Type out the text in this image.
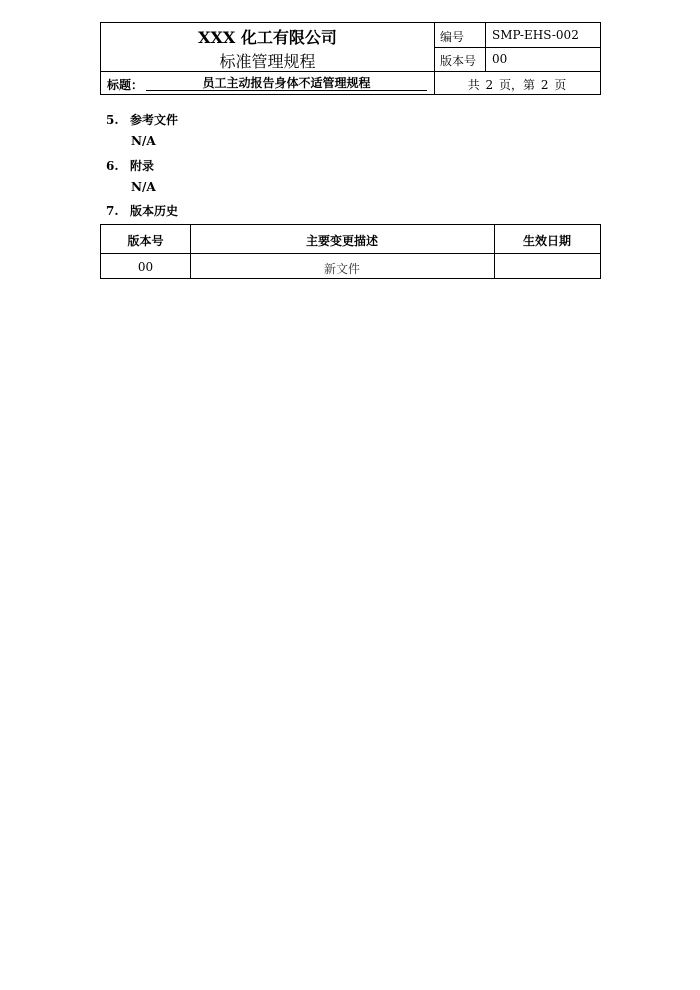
XXX 化工有限公司
标准管理规程
编号 SMP-EHS-002
版本号 00
标题：	员工主动报告身体不适管理规程	共 2 页，第 2 页
5. 参考文件
N/A
6. 附录
N/A
7. 版本历史
版本号	主要变更描述	生效日期
00	新文件
